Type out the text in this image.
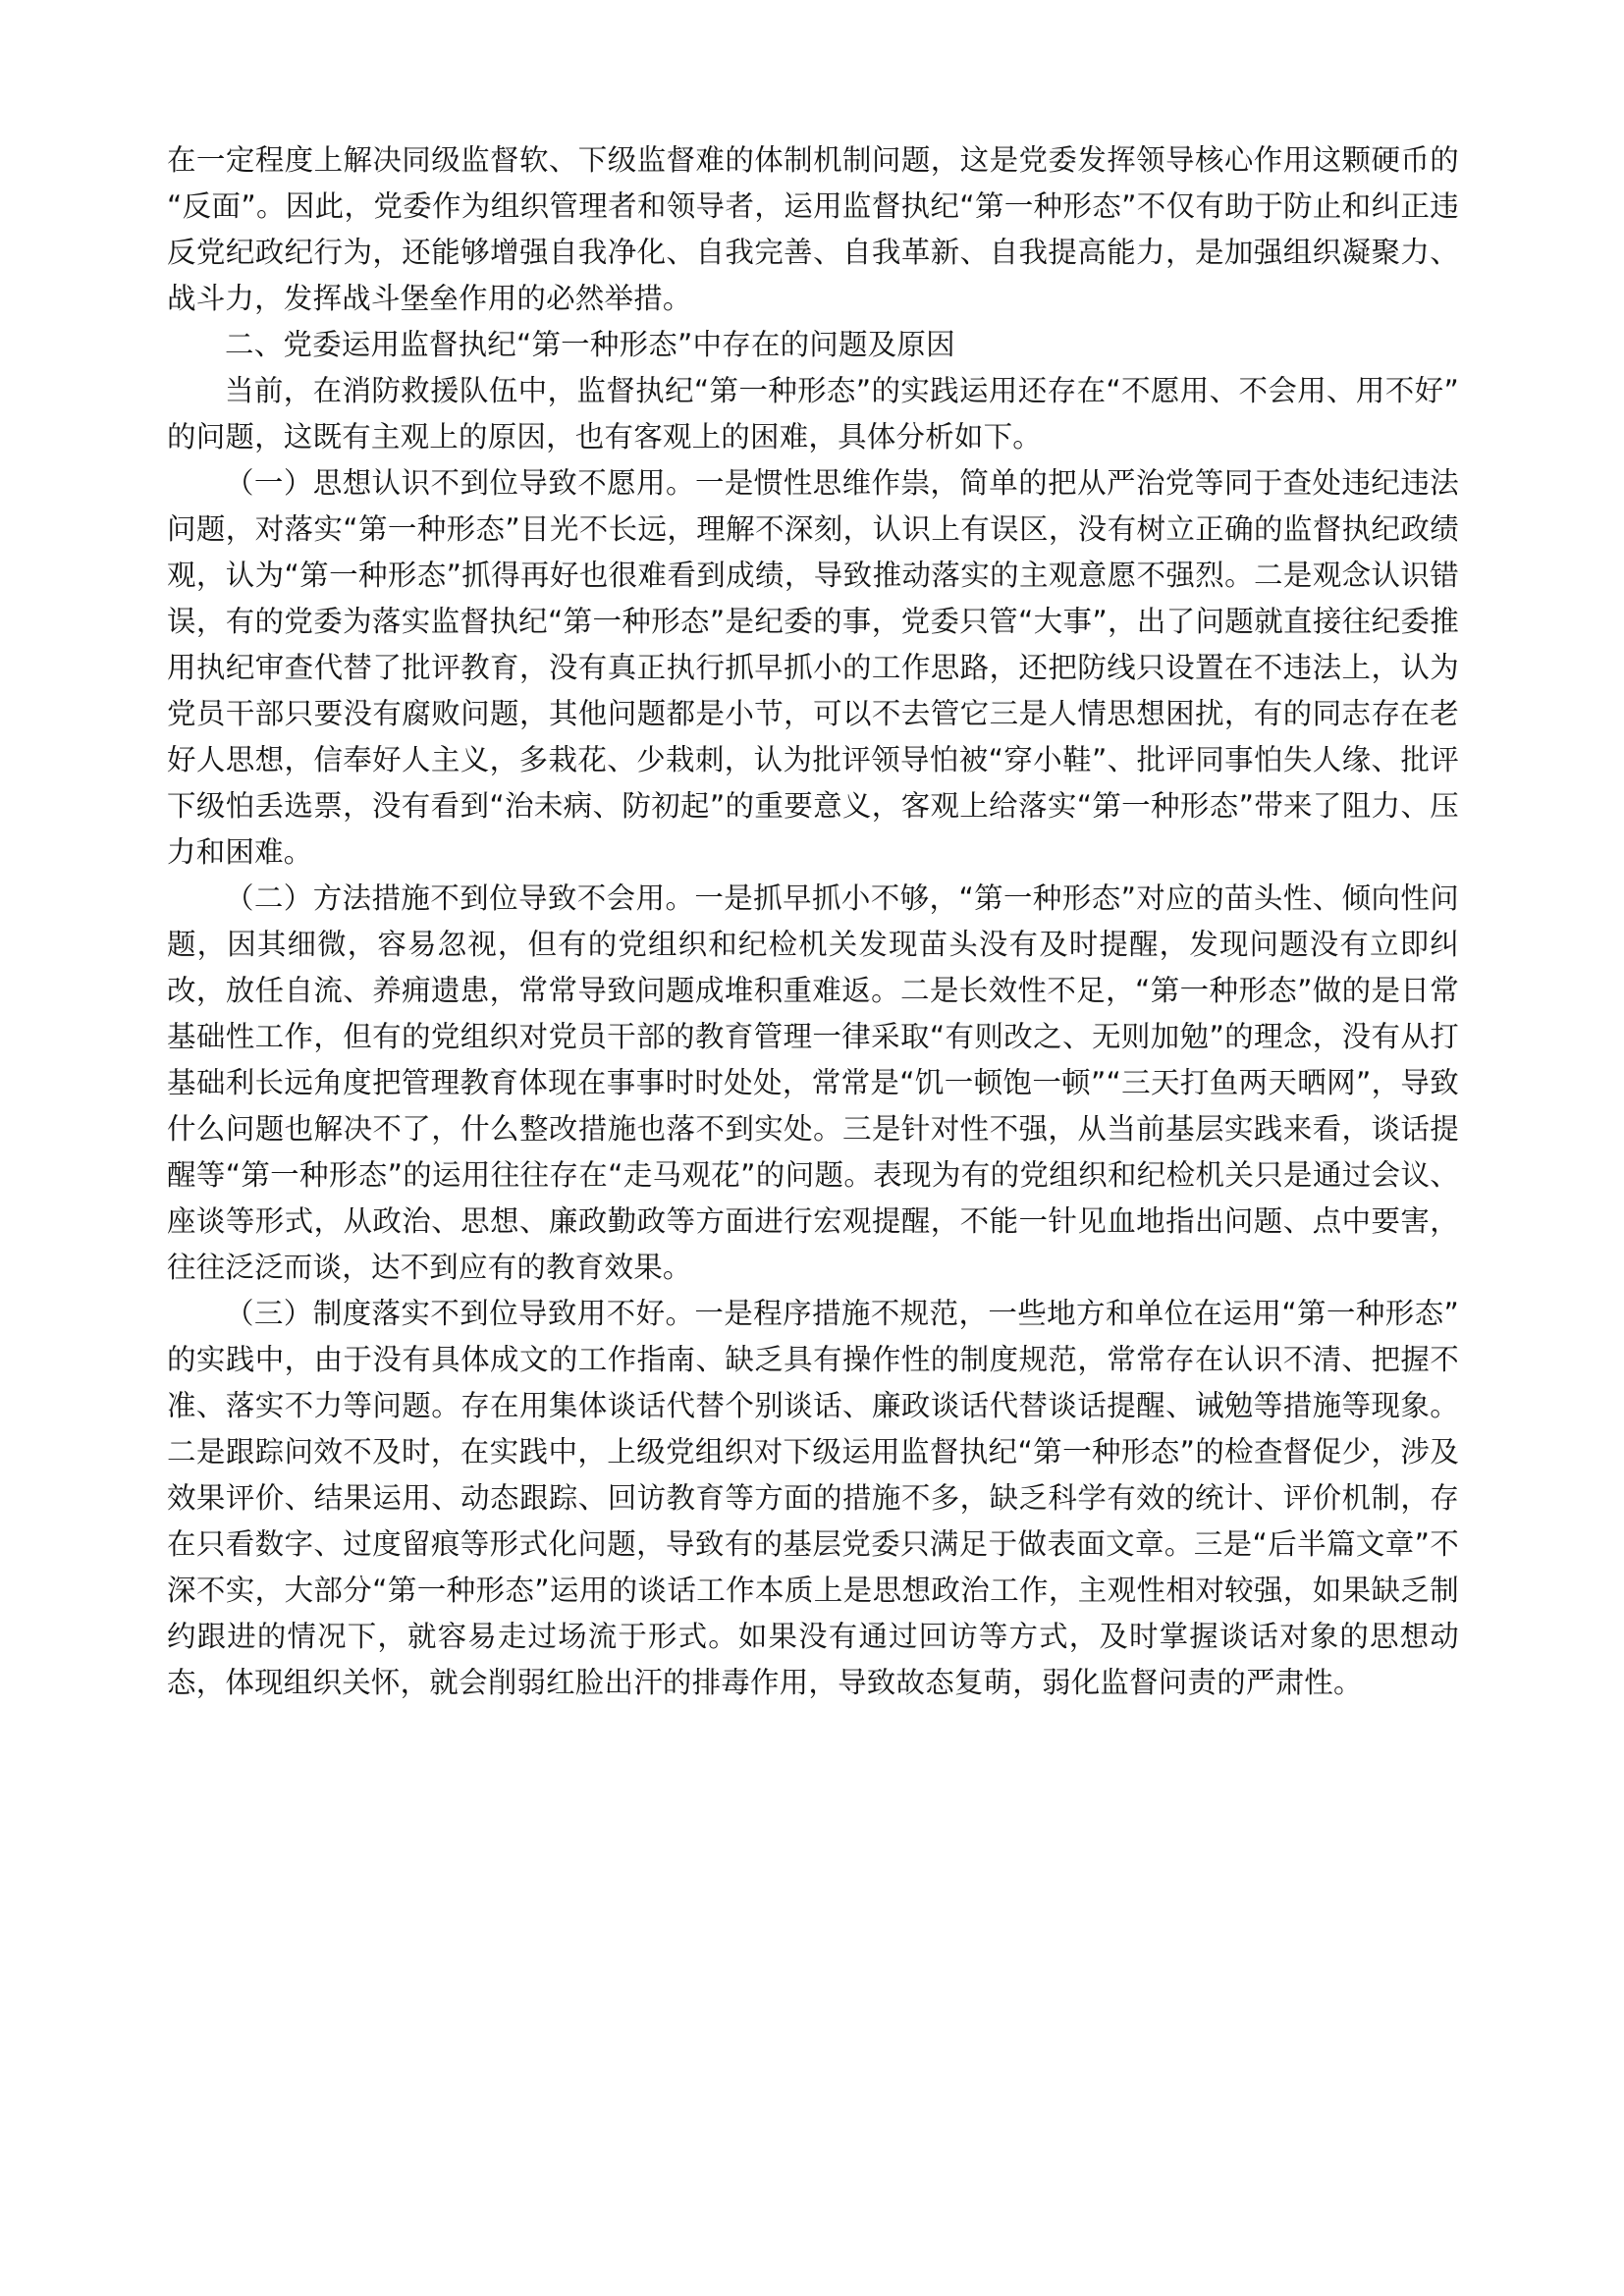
在一定程度上解决同级监督软、下级监督难的体制机制问题，这是党委发挥领导核心作用这颗硬币的“反面”。因此，党委作为组织管理者和领导者，运用监督执纪“第一种形态”不仅有助于防止和纠正违反党纪政纪行为，还能够增强自我净化、自我完善、自我革新、自我提高能力，是加强组织凝聚力、战斗力，发挥战斗堡垒作用的必然举措。

二、党委运用监督执纪“第一种形态”中存在的问题及原因

当前，在消防救援队伍中，监督执纪“第一种形态”的实践运用还存在“不愿用、不会用、用不好”的问题，这既有主观上的原因，也有客观上的困难，具体分析如下。

（一）思想认识不到位导致不愿用。一是惯性思维作祟，简单的把从严治党等同于查处违纪违法问题，对落实“第一种形态”目光不长远，理解不深刻，认识上有误区，没有树立正确的监督执纪政绩观，认为“第一种形态”抓得再好也很难看到成绩，导致推动落实的主观意愿不强烈。二是观念认识错误，有的党委为落实监督执纪“第一种形态”是纪委的事，党委只管“大事”，出了问题就直接往纪委推用执纪审查代替了批评教育，没有真正执行抓早抓小的工作思路，还把防线只设置在不违法上，认为党员干部只要没有腐败问题，其他问题都是小节，可以不去管它三是人情思想困扰，有的同志存在老好人思想，信奉好人主义，多栽花、少栽刺，认为批评领导怕被“穿小鞋”、批评同事怕失人缘、批评下级怕丢选票，没有看到“治未病、防初起”的重要意义，客观上给落实“第一种形态”带来了阻力、压力和困难。

（二）方法措施不到位导致不会用。一是抓早抓小不够，“第一种形态”对应的苗头性、倾向性问题，因其细微，容易忽视，但有的党组织和纪检机关发现苗头没有及时提醒，发现问题没有立即纠改，放任自流、养痈遗患，常常导致问题成堆积重难返。二是长效性不足，“第一种形态”做的是日常基础性工作，但有的党组织对党员干部的教育管理一律采取“有则改之、无则加勉”的理念，没有从打基础利长远角度把管理教育体现在事事时时处处，常常是“饥一顿饱一顿”“三天打鱼两天晒网”，导致什么问题也解决不了，什么整改措施也落不到实处。三是针对性不强，从当前基层实践来看，谈话提醒等“第一种形态”的运用往往存在“走马观花”的问题。表现为有的党组织和纪检机关只是通过会议、座谈等形式，从政治、思想、廉政勤政等方面进行宏观提醒，不能一针见血地指出问题、点中要害，往往泛泛而谈，达不到应有的教育效果。

（三）制度落实不到位导致用不好。一是程序措施不规范，一些地方和单位在运用“第一种形态”的实践中，由于没有具体成文的工作指南、缺乏具有操作性的制度规范，常常存在认识不清、把握不准、落实不力等问题。存在用集体谈话代替个别谈话、廉政谈话代替谈话提醒、诫勉等措施等现象。二是跟踪问效不及时，在实践中，上级党组织对下级运用监督执纪“第一种形态”的检查督促少，涉及效果评价、结果运用、动态跟踪、回访教育等方面的措施不多，缺乏科学有效的统计、评价机制，存在只看数字、过度留痕等形式化问题，导致有的基层党委只满足于做表面文章。三是“后半篇文章”不深不实，大部分“第一种形态”运用的谈话工作本质上是思想政治工作，主观性相对较强，如果缺乏制约跟进的情况下，就容易走过场流于形式。如果没有通过回访等方式，及时掌握谈话对象的思想动态，体现组织关怀，就会削弱红脸出汗的排毒作用，导致故态复萌，弱化监督问责的严肃性。
